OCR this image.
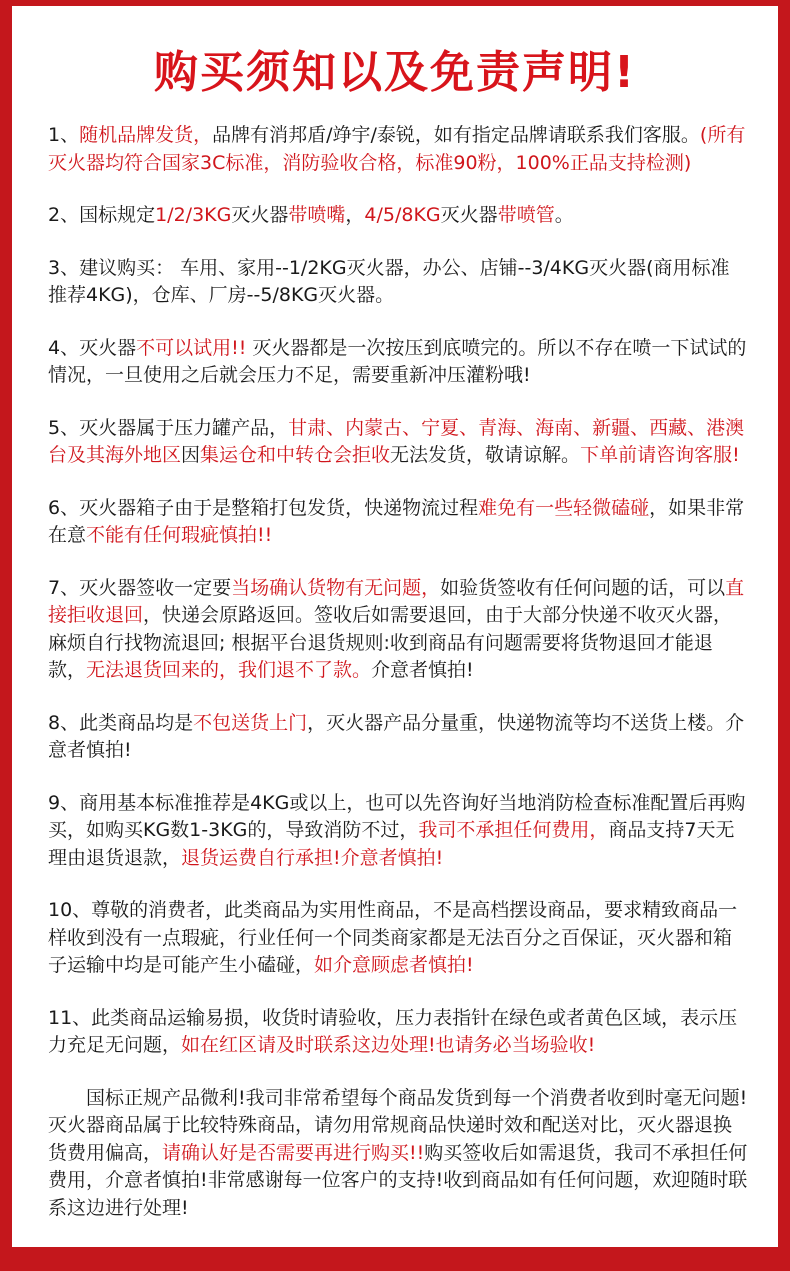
购买须知以及免责声明!

1、随机品牌发货，品牌有消邦盾/竫宇/泰锐，如有指定品牌请联系我们客服。(所有灭火器均符合国家3C标准，消防验收合格，标准90粉，100%正品支持检测)

2、国标规定1/2/3KG灭火器带喷嘴，4/5/8KG灭火器带喷管。

3、建议购买： 车用、家用--1/2KG灭火器，办公、店铺--3/4KG灭火器(商用标准推荐4KG)，仓库、厂房--5/8KG灭火器。

4、灭火器不可以试用!! 灭火器都是一次按压到底喷完的。所以不存在喷一下试试的情况，一旦使用之后就会压力不足，需要重新冲压灌粉哦!

5、灭火器属于压力罐产品，甘肃、内蒙古、宁夏、青海、海南、新疆、西藏、港澳台及其海外地区因集运仓和中转仓会拒收无法发货，敬请谅解。下单前请咨询客服!

6、灭火器箱子由于是整箱打包发货，快递物流过程难免有一些轻微磕碰，如果非常在意不能有任何瑕疵慎拍!!

7、灭火器签收一定要当场确认货物有无问题，如验货签收有任何问题的话，可以直接拒收退回，快递会原路返回。签收后如需要退回，由于大部分快递不收灭火器，麻烦自行找物流退回; 根据平台退货规则:收到商品有问题需要将货物退回才能退款，无法退货回来的，我们退不了款。介意者慎拍!

8、此类商品均是不包送货上门，灭火器产品分量重，快递物流等均不送货上楼。介意者慎拍!

9、商用基本标准推荐是4KG或以上，也可以先咨询好当地消防检查标准配置后再购买，如购买KG数1-3KG的，导致消防不过，我司不承担任何费用，商品支持7天无理由退货退款，退货运费自行承担!介意者慎拍!

10、尊敬的消费者，此类商品为实用性商品，不是高档摆设商品，要求精致商品一样收到没有一点瑕疵，行业任何一个同类商家都是无法百分之百保证，灭火器和箱子运输中均是可能产生小磕碰，如介意顾虑者慎拍!

11、此类商品运输易损，收货时请验收，压力表指针在绿色或者黄色区域，表示压力充足无问题，如在红区请及时联系这边处理!也请务必当场验收!

国标正规产品微利!我司非常希望每个商品发货到每一个消费者收到时毫无问题!灭火器商品属于比较特殊商品，请勿用常规商品快递时效和配送对比，灭火器退换货费用偏高，请确认好是否需要再进行购买!!购买签收后如需退货，我司不承担任何费用，介意者慎拍!非常感谢每一位客户的支持!收到商品如有任何问题，欢迎随时联系这边进行处理!
